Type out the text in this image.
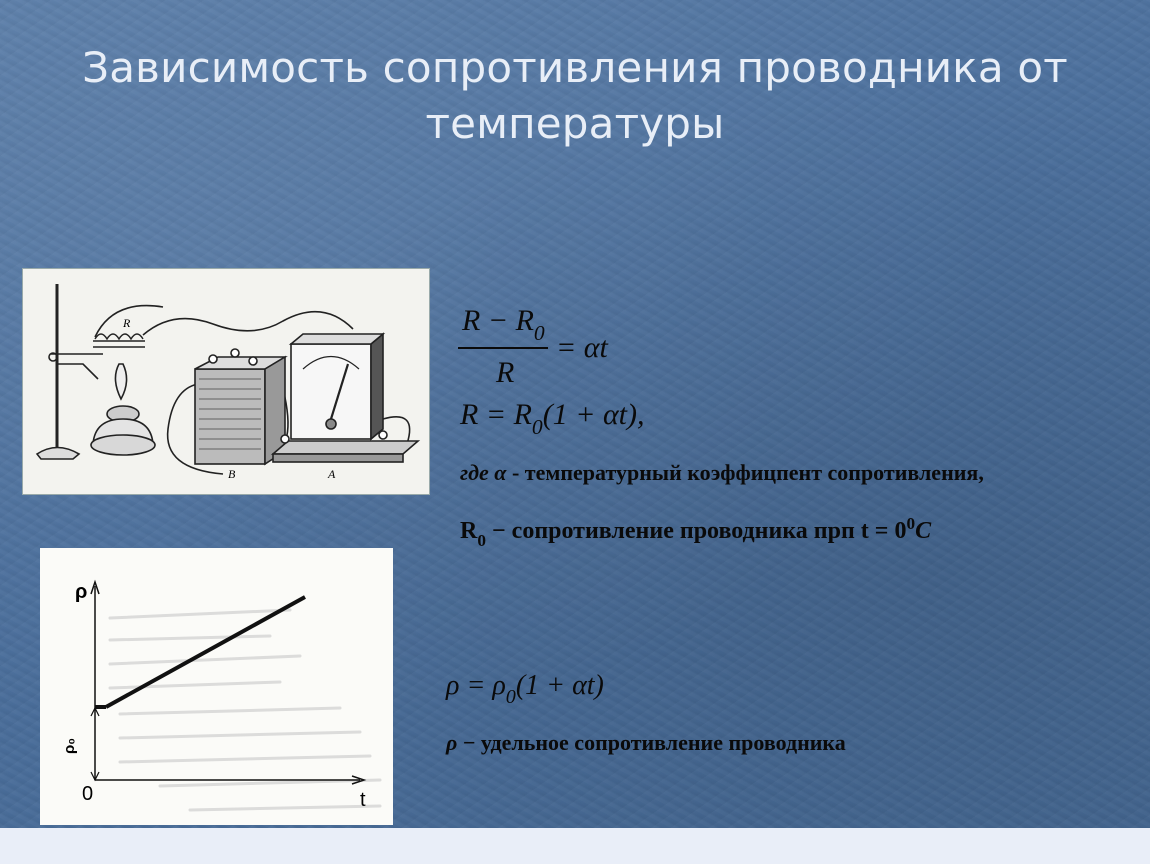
Зависимость сопротивления проводника от
температуры
R
B	A
ρ
ρ₀
0	t
$R - R_0 = \alpha t$
R
$R = R_0(1 + \alpha t)$,
где α - температурный коэффицпент сопротивления,
$R_0$ − сопротивление проводника прп $t = 0^0C$
$\rho = \rho_0(1 + \alpha t)$
ρ − удельное сопротивление проводника
